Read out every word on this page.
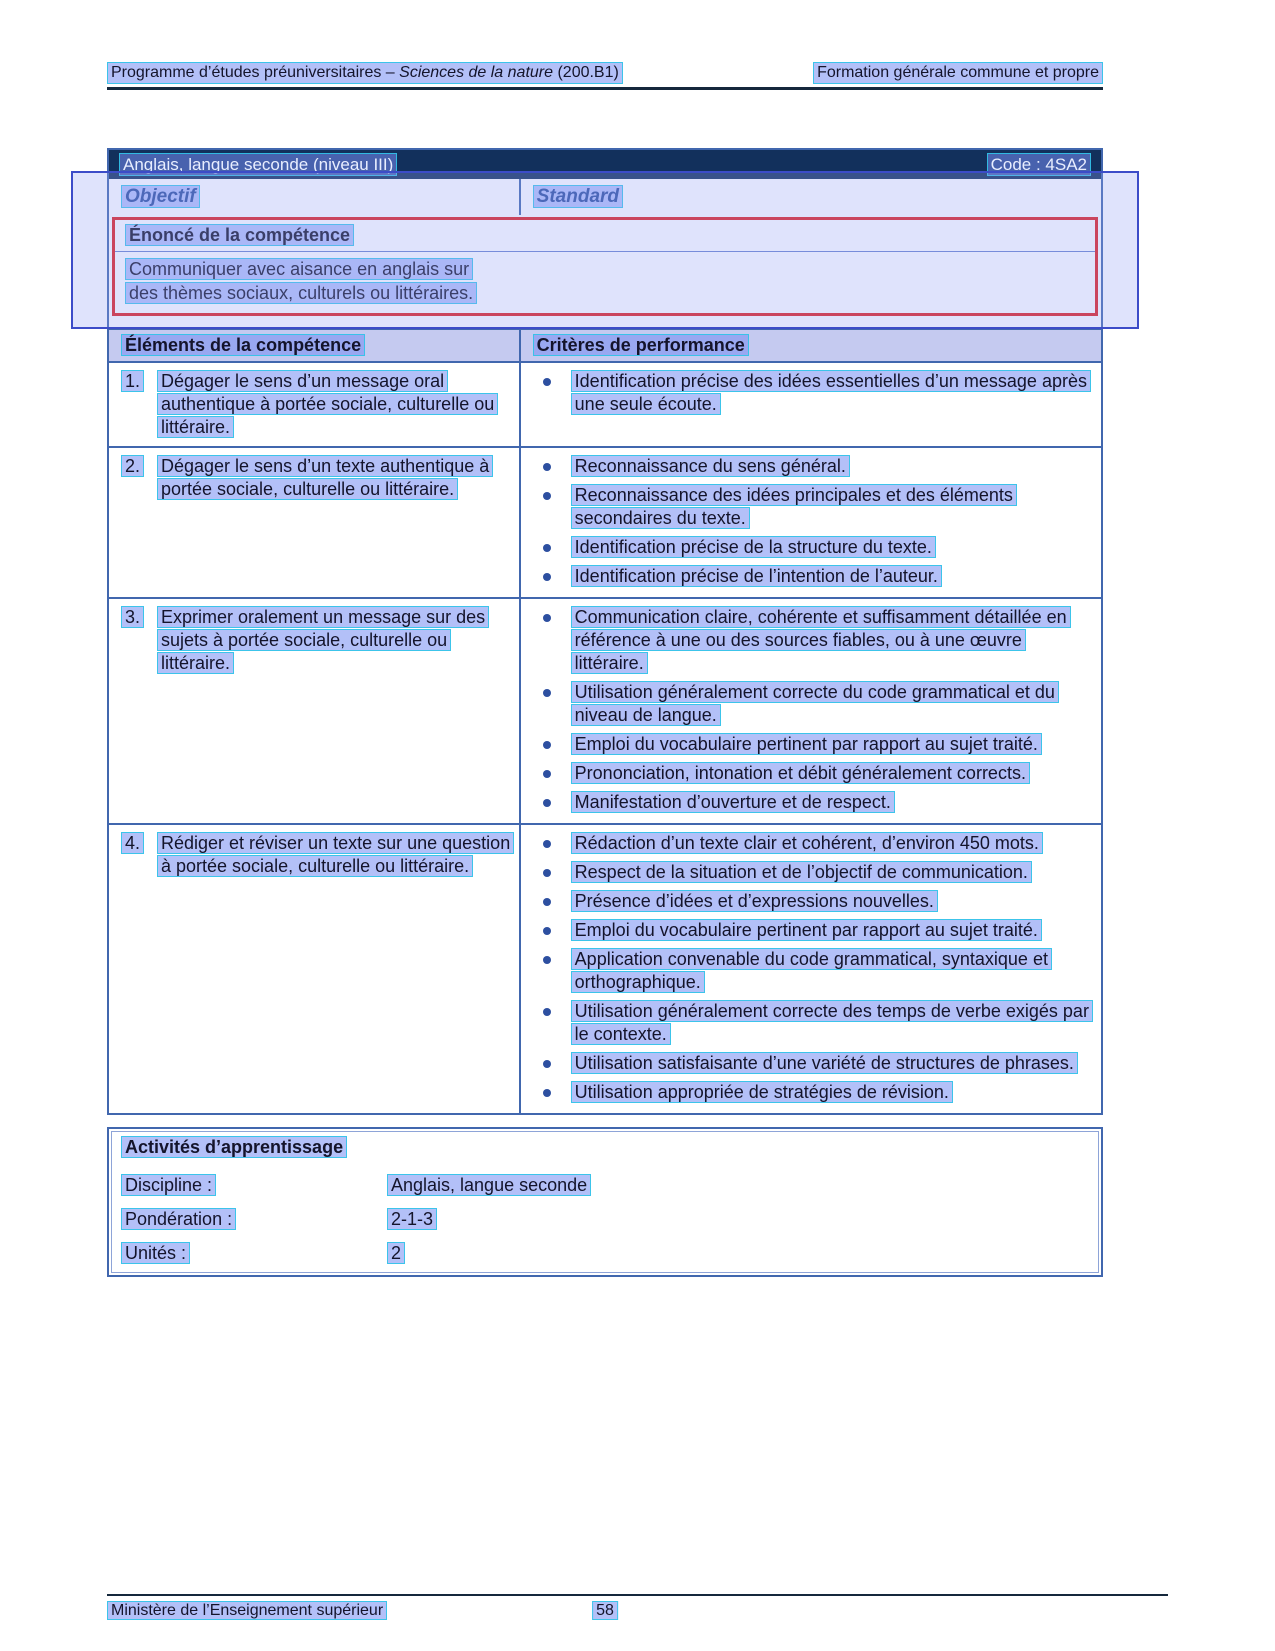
Programme d’études préuniversitaires – Sciences de la nature (200.B1)	Formation générale commune et propre
Anglais, langue seconde (niveau III)	Code : 4SA2
Objectif	Standard
Énoncé de la compétence
Communiquer avec aisance en anglais sur
des thèmes sociaux, culturels ou littéraires.
Éléments de la compétence	Critères de performance
1.	Dégager le sens d’un message oral authentique à portée sociale, culturelle ou littéraire.
Identification précise des idées essentielles d’un message après une seule écoute.
2.	Dégager le sens d’un texte authentique à portée sociale, culturelle ou littéraire.
Reconnaissance du sens général.
Reconnaissance des idées principales et des éléments secondaires du texte.
Identification précise de la structure du texte.
Identification précise de l’intention de l’auteur.
3.	Exprimer oralement un message sur des sujets à portée sociale, culturelle ou littéraire.
Communication claire, cohérente et suffisamment détaillée en référence à une ou des sources fiables, ou à une œuvre littéraire.
Utilisation généralement correcte du code grammatical et du niveau de langue.
Emploi du vocabulaire pertinent par rapport au sujet traité.
Prononciation, intonation et débit généralement corrects.
Manifestation d’ouverture et de respect.
4.	Rédiger et réviser un texte sur une question à portée sociale, culturelle ou littéraire.
Rédaction d’un texte clair et cohérent, d’environ 450 mots.
Respect de la situation et de l’objectif de communication.
Présence d’idées et d’expressions nouvelles.
Emploi du vocabulaire pertinent par rapport au sujet traité.
Application convenable du code grammatical, syntaxique et orthographique.
Utilisation généralement correcte des temps de verbe exigés par le contexte.
Utilisation satisfaisante d’une variété de structures de phrases.
Utilisation appropriée de stratégies de révision.
Activités d’apprentissage
Discipline :	Anglais, langue seconde
Pondération :	2-1-3
Unités :	2
Ministère de l’Enseignement supérieur	58
